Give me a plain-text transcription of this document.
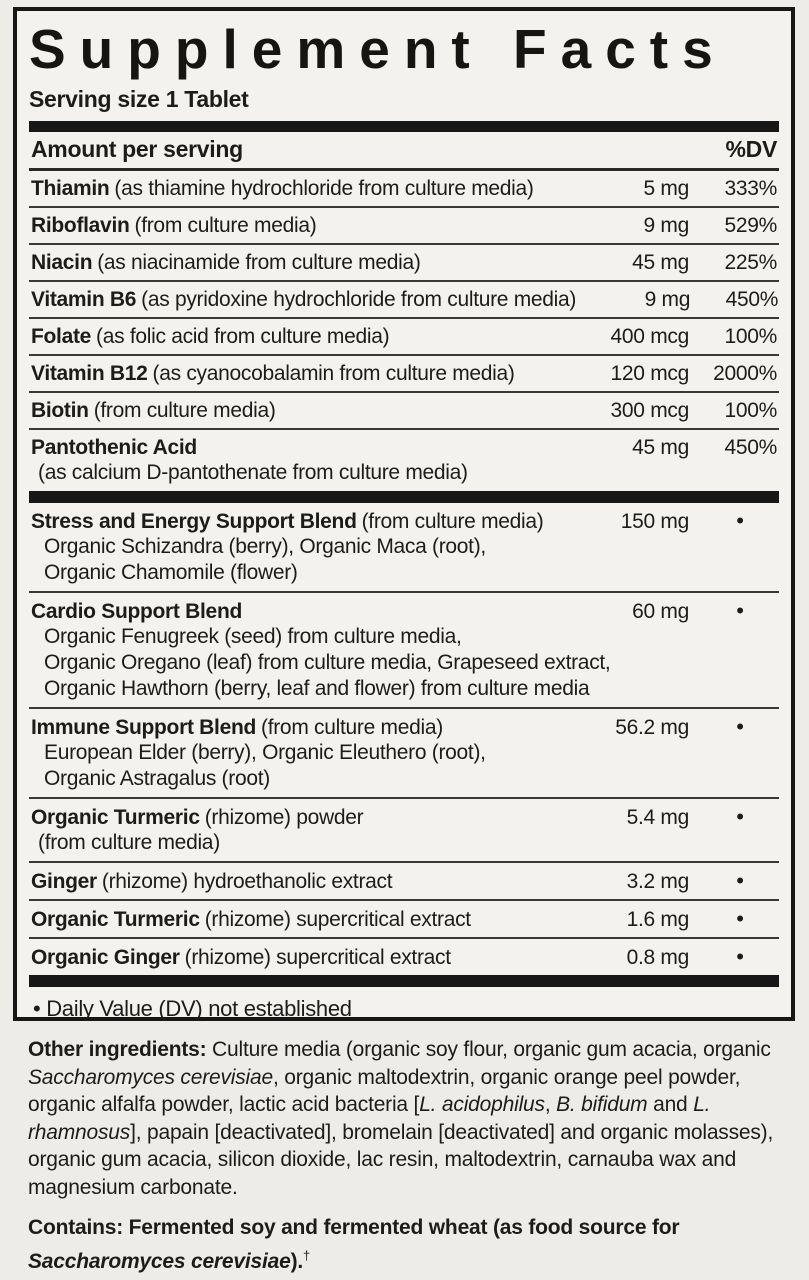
Supplement Facts
Serving size 1 Tablet
Amount per serving	%DV
Thiamin (as thiamine hydrochloride from culture media)	5 mg	333%
Riboflavin (from culture media)	9 mg	529%
Niacin (as niacinamide from culture media)	45 mg	225%
Vitamin B6 (as pyridoxine hydrochloride from culture media)	9 mg	450%
Folate (as folic acid from culture media)	400 mcg	100%
Vitamin B12 (as cyanocobalamin from culture media)	120 mcg	2000%
Biotin (from culture media)	300 mcg	100%
Pantothenic Acid	45 mg	450%
(as calcium D-pantothenate from culture media)
Stress and Energy Support Blend (from culture media)	150 mg	•
Organic Schizandra (berry), Organic Maca (root),
Organic Chamomile (flower)
Cardio Support Blend	60 mg	•
Organic Fenugreek (seed) from culture media,
Organic Oregano (leaf) from culture media, Grapeseed extract,
Organic Hawthorn (berry, leaf and flower) from culture media
Immune Support Blend (from culture media)	56.2 mg	•
European Elder (berry), Organic Eleuthero (root),
Organic Astragalus (root)
Organic Turmeric (rhizome) powder	5.4 mg	•
(from culture media)
Ginger (rhizome) hydroethanolic extract	3.2 mg	•
Organic Turmeric (rhizome) supercritical extract	1.6 mg	•
Organic Ginger (rhizome) supercritical extract	0.8 mg	•
• Daily Value (DV) not established
Other ingredients: Culture media (organic soy flour, organic gum acacia, organic Saccharomyces cerevisiae, organic maltodextrin, organic orange peel powder, organic alfalfa powder, lactic acid bacteria [L. acidophilus, B. bifidum and L. rhamnosus], papain [deactivated], bromelain [deactivated] and organic molasses), organic gum acacia, silicon dioxide, lac resin, maltodextrin, carnauba wax and magnesium carbonate.
Contains: Fermented soy and fermented wheat (as food source for Saccharomyces cerevisiae).†
